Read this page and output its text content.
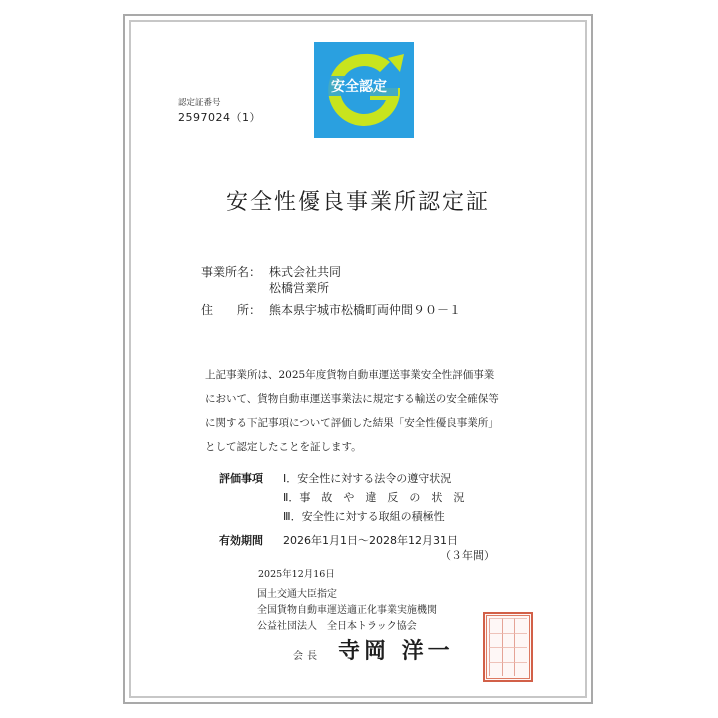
安全認定
認定証番号
2597024（1）
安全性優良事業所認定証
事業所名： 株式会社共同
松橋営業所
住　　所： 熊本県宇城市松橋町両仲間９０－１
上記事業所は、2025年度貨物自動車運送事業安全性評価事業
において、貨物自動車運送事業法に規定する輸送の安全確保等
に関する下記事項について評価した結果「安全性優良事業所」
として認定したことを証します。
評価事項 Ⅰ．安全性に対する法令の遵守状況
Ⅱ．事　故　や　違　反　の　状　況
Ⅲ．安全性に対する取組の積極性
有効期間 2026年1月1日～2028年12月31日
（３年間）
2025年12月16日
国土交通大臣指定
全国貨物自動車運送適正化事業実施機関
公益社団法人　全日本トラック協会
会長 寺岡 洋一
